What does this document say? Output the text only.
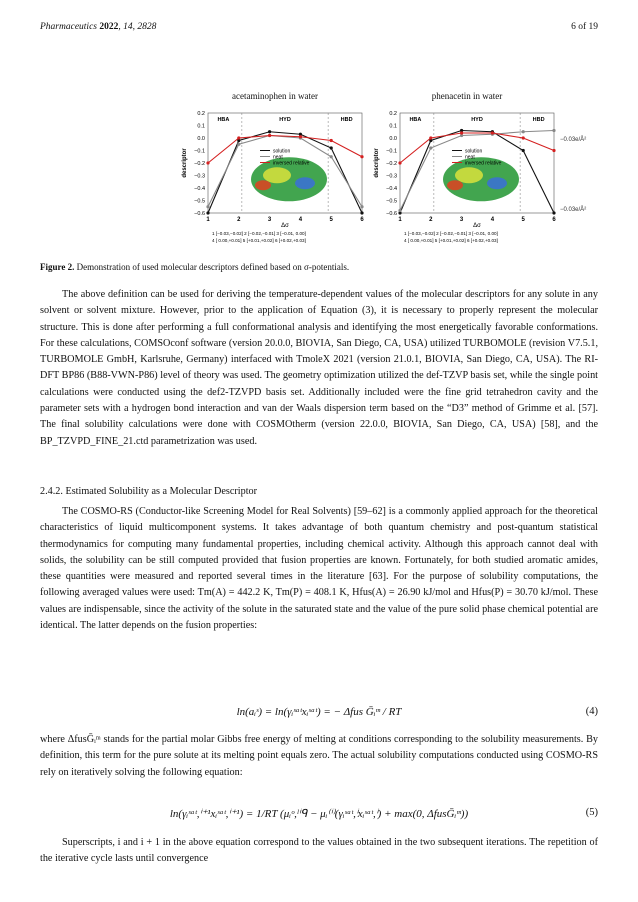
Pharmaceutics 2022, 14, 2828	6 of 19
acetaminophen in water
HBA	HYD	HBD
0.2
0.1
0.0
−0.1
−0.2
−0.3
−0.4
−0.5
−0.6
1	2	3	4	5	6
descriptor
Δσ
solution
neat
inversed relative
1 [−0.03,−0.02] 2 [−0.02,−0.01] 3 [−0.01, 0.00]
4 [ 0.00,+0.01] 5 [+0.01,+0.02] 6 [+0.02,+0.03]
phenacetin in water
HBA	HYD	HBD
0.2
0.1
0.0
−0.1
−0.2
−0.3
−0.4
−0.5
−0.6
1	2	3	4	5	6
descriptor
Δσ
solution
neat
inversed relative
1 [−0.03,−0.02] 2 [−0.02,−0.01] 3 [−0.01, 0.00]
4 [ 0.00,+0.01] 5 [+0.01,+0.02] 6 [+0.02,+0.03]
−0.03e/Å²
−0.03e/Å²
Figure 2. Demonstration of used molecular descriptors defined based on σ-potentials.

The above definition can be used for deriving the temperature-dependent values of the molecular descriptors for any solute in any solvent or solvent mixture. However, prior to the application of Equation (3), it is necessary to properly represent the molecular structure. This is done after performing a full conformational analysis and identifying the most energetically favorable conformations. For these calculations, COMSOconf software (version 20.0.0, BIOVIA, San Diego, CA, USA) utilized TURBOMOLE (revision V7.5.1, TURBOMOLE GmbH, Karlsruhe, Germany) interfaced with TmoleX 2021 (version 21.0.1, BIOVIA, San Diego, CA, USA). The RI-DFT BP86 (B88-VWN-P86) level of theory was used. The geometry optimization utilized the def-TZVP basis set, while the single point calculations were conducted using the def2-TZVPD basis set. Additionally included were the fine grid tetrahedron cavity and the parameter sets with a hydrogen bond interaction and van der Waals dispersion term based on the “D3” method of Grimme et al. [57]. The final solubility calculations were done with COSMOtherm (version 22.0.0, BIOVIA, San Diego, CA, USA) [58], and the BP_TZVPD_FINE_21.ctd parametrization was used.

2.4.2. Estimated Solubility as a Molecular Descriptor

The COSMO-RS (Conductor-like Screening Model for Real Solvents) [59–62] is a commonly applied approach for the theoretical characteristics of liquid multicomponent systems. It takes advantage of both quantum chemistry and post-quantum statistical thermodynamics for computing many fundamental properties, including chemical activity. Although this approach cannot deal with solids, the solubility can be still computed provided that fusion properties are known. Fortunately, for both studied aromatic amides, these quantities were measured and reported several times in the literature [63]. For the purpose of solubility computations, the following averaged values were used: Tm(A) = 442.2 K, Tm(P) = 408.1 K, Hfus(A) = 26.90 kJ/mol and Hfus(P) = 30.70 kJ/mol. These values are indispensable, since the activity of the solute in the saturated state and the value of the pure solid phase chemical potential are identical. The latter depends on the fusion properties:

ln(aᵢˢ) = ln(γᵢˢᵃᵗxᵢˢᵃᵗ) = − Δfus Ḡᵢᵐ / RT	(4)

where ΔfusḠᵢᵐ stands for the partial molar Gibbs free energy of melting at conditions corresponding to the solubility measurements. By definition, this term for the pure solute at its melting point equals zero. The actual solubility computations conducted using COSMO-RS rely on iteratively solving the following equation:

ln(γᵢˢᵃᵗ,ⁱ⁺¹xᵢˢᵃᵗ,ⁱ⁺¹) = 1/RT (μᵢᵒ,ˡⁱᑫ − μᵢ⁽ⁱ⁾(γᵢˢᵃᵗ,ⁱxᵢˢᵃᵗ,ⁱ) + max(0, ΔfusḠᵢᵐ))	(5)

Superscripts, i and i + 1 in the above equation correspond to the values obtained in the two subsequent iterations. The repetition of the iterative cycle lasts until convergence
